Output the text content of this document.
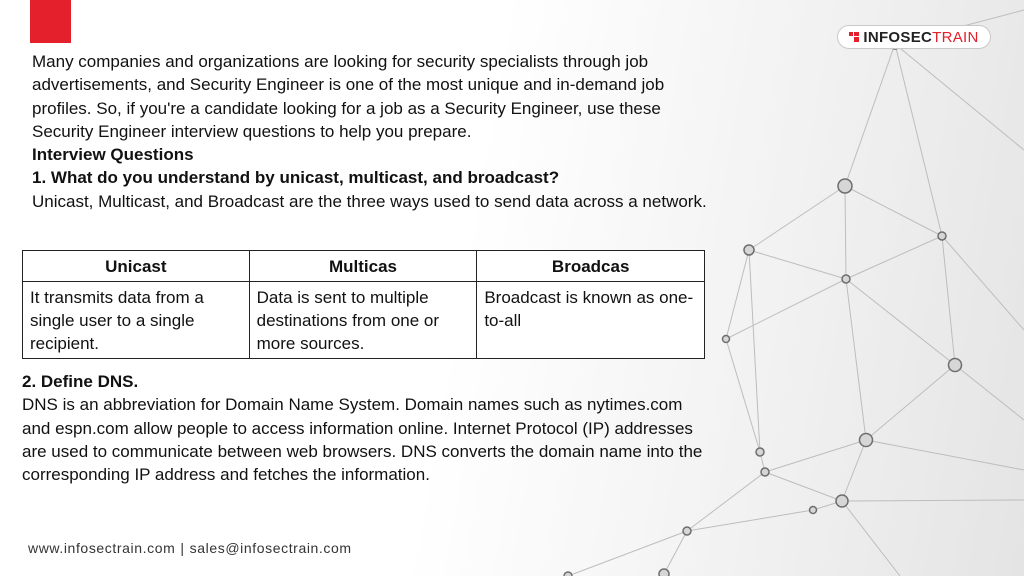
INFOSECTRAIN

Many companies and organizations are looking for security specialists through job advertisements, and Security Engineer is one of the most unique and in-demand job profiles. So, if you're a candidate looking for a job as a Security Engineer, use these Security Engineer interview questions to help you prepare.

Interview Questions

1. What do you understand by unicast, multicast, and broadcast?

Unicast, Multicast, and Broadcast are the three ways used to send data across a network.

Unicast	Multicas	Broadcas
It transmits data from a single user to a single recipient.	Data is sent to multiple destinations from one or more sources.	Broadcast is known as one-to-all

2. Define DNS.

DNS is an abbreviation for Domain Name System. Domain names such as nytimes.com and espn.com allow people to access information online. Internet Protocol (IP) addresses are used to communicate between web browsers. DNS converts the domain name into the corresponding IP address and fetches the information.

www.infosectrain.com | sales@infosectrain.com
